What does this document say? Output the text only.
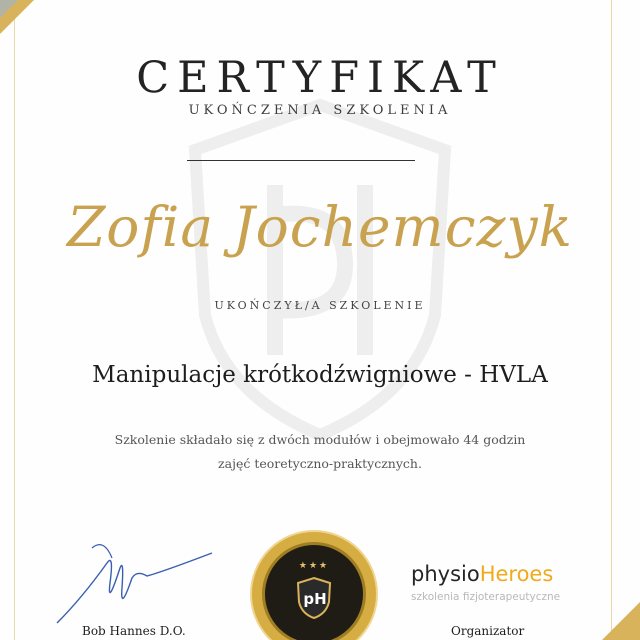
CERTYFIKAT
UKOŃCZENIA SZKOLENIA
Zofia Jochemczyk
UKOŃCZYŁ/A SZKOLENIE
Manipulacje krótkodźwigniowe - HVLA
Szkolenie składało się z dwóch modułów i obejmowało 44 godzin
zajęć teoretyczno-praktycznych.
Bob Hannes D.O.
★★★
pH
physioHeroes
szkolenia fizjoterapeutyczne
Organizator
